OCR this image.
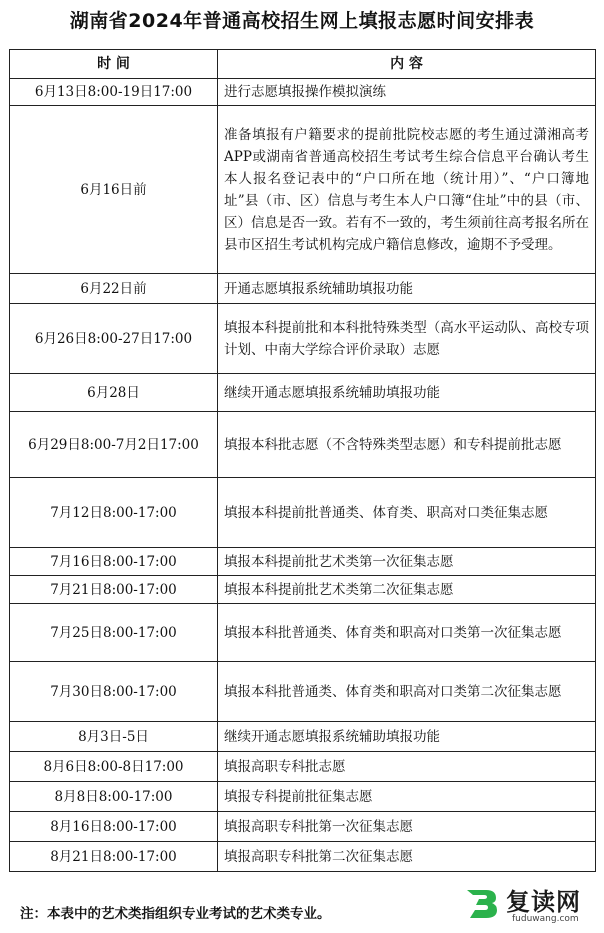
湖南省2024年普通高校招生网上填报志愿时间安排表
时 间	内 容
6月13日8:00-19日17:00	进行志愿填报操作模拟演练
6月16日前	准备填报有户籍要求的提前批院校志愿的考生通过潇湘高考APP或湖南省普通高校招生考试考生综合信息平台确认考生本人报名登记表中的“户口所在地（统计用）”、“户口簿地址”县（市、区）信息与考生本人户口簿“住址”中的县（市、区）信息是否一致。若有不一致的，考生须前往高考报名所在县市区招生考试机构完成户籍信息修改，逾期不予受理。
6月22日前	开通志愿填报系统辅助填报功能
6月26日8:00-27日17:00	填报本科提前批和本科批特殊类型（高水平运动队、高校专项计划、中南大学综合评价录取）志愿
6月28日	继续开通志愿填报系统辅助填报功能
6月29日8:00-7月2日17:00	填报本科批志愿（不含特殊类型志愿）和专科提前批志愿
7月12日8:00-17:00	填报本科提前批普通类、体育类、职高对口类征集志愿
7月16日8:00-17:00	填报本科提前批艺术类第一次征集志愿
7月21日8:00-17:00	填报本科提前批艺术类第二次征集志愿
7月25日8:00-17:00	填报本科批普通类、体育类和职高对口类第一次征集志愿
7月30日8:00-17:00	填报本科批普通类、体育类和职高对口类第二次征集志愿
8月3日-5日	继续开通志愿填报系统辅助填报功能
8月6日8:00-8日17:00	填报高职专科批志愿
8月8日8:00-17:00	填报专科提前批征集志愿
8月16日8:00-17:00	填报高职专科批第一次征集志愿
8月21日8:00-17:00	填报高职专科批第二次征集志愿
注：本表中的艺术类指组织专业考试的艺术类专业。	复读网
fuduwang.com
